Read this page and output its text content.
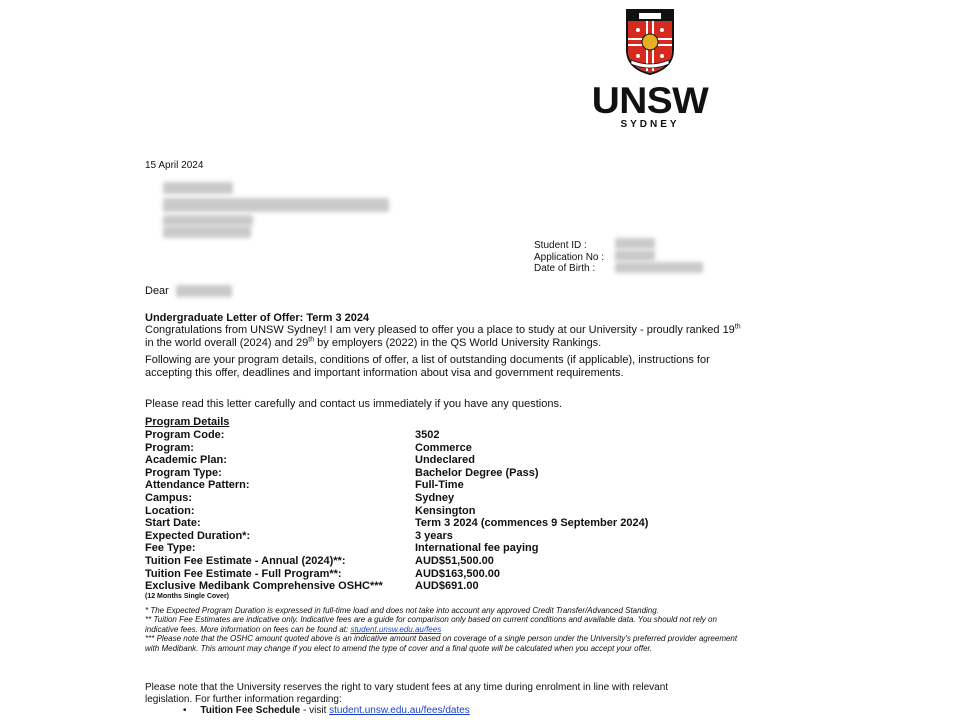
UNSW
SYDNEY
15 April 2024
Student ID :
Application No :
Date of Birth :
Dear
Undergraduate Letter of Offer: Term 3 2024
Congratulations from UNSW Sydney! I am very pleased to offer you a place to study at our University - proudly ranked 19th in the world overall (2024) and 29th by employers (2022) in the QS World University Rankings.
Following are your program details, conditions of offer, a list of outstanding documents (if applicable), instructions for accepting this offer, deadlines and important information about visa and government requirements.
Please read this letter carefully and contact us immediately if you have any questions.
Program Details
Program Code:	3502
Program:	Commerce
Academic Plan:	Undeclared
Program Type:	Bachelor Degree (Pass)
Attendance Pattern:	Full-Time
Campus:	Sydney
Location:	Kensington
Start Date:	Term 3 2024 (commences 9 September 2024)
Expected Duration*:	3 years
Fee Type:	International fee paying
Tuition Fee Estimate - Annual (2024)**:	AUD$51,500.00
Tuition Fee Estimate - Full Program**:	AUD$163,500.00
Exclusive Medibank Comprehensive OSHC***	AUD$691.00
(12 Months Single Cover)
* The Expected Program Duration is expressed in full-time load and does not take into account any approved Credit Transfer/Advanced Standing.
** Tuition Fee Estimates are indicative only. Indicative fees are a guide for comparison only based on current conditions and available data. You should not rely on indicative fees. More information on fees can be found at: student.unsw.edu.au/fees
*** Please note that the OSHC amount quoted above is an indicative amount based on coverage of a single person under the University's preferred provider agreement with Medibank. This amount may change if you elect to amend the type of cover and a final quote will be calculated when you accept your offer.
Please note that the University reserves the right to vary student fees at any time during enrolment in line with relevant legislation. For further information regarding:
•     Tuition Fee Schedule - visit student.unsw.edu.au/fees/dates
